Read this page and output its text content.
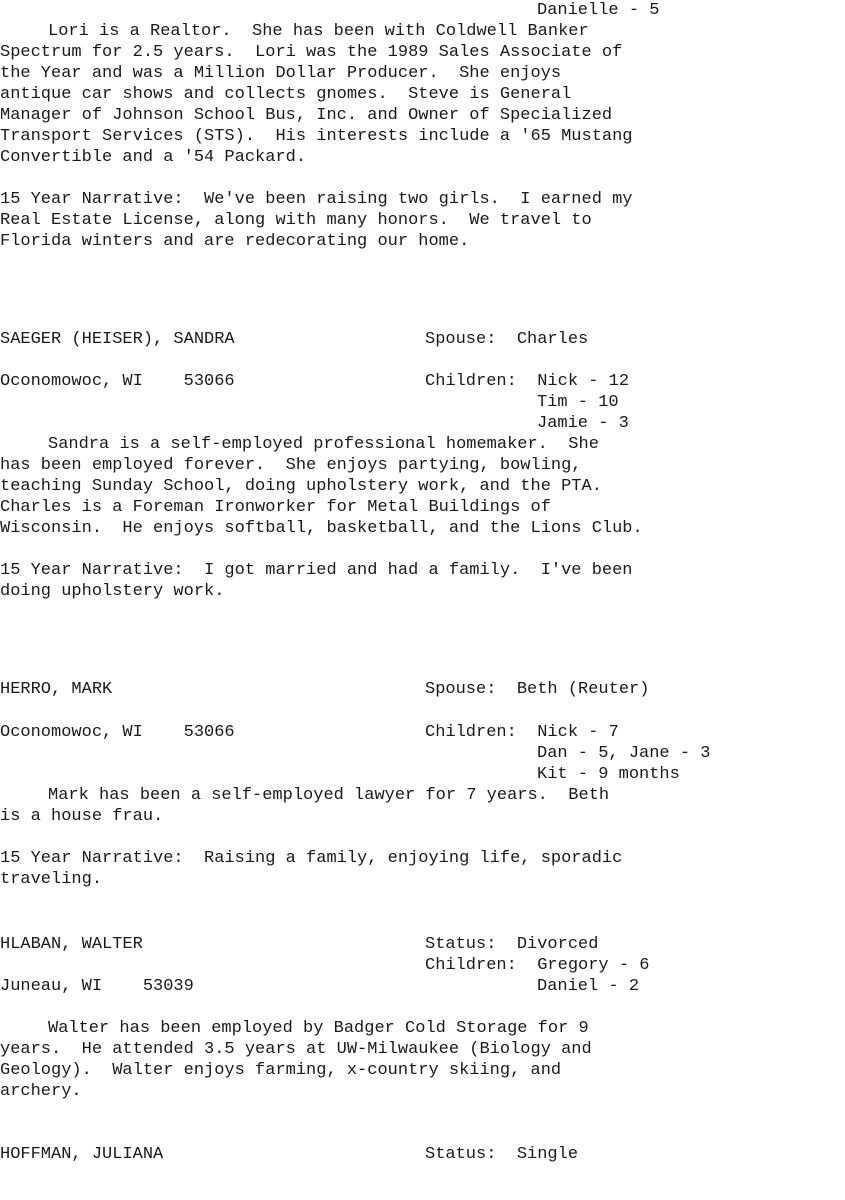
Danielle - 5
Lori is a Realtor.  She has been with Coldwell Banker
Spectrum for 2.5 years.  Lori was the 1989 Sales Associate of
the Year and was a Million Dollar Producer.  She enjoys
antique car shows and collects gnomes.  Steve is General
Manager of Johnson School Bus, Inc. and Owner of Specialized
Transport Services (STS).  His interests include a '65 Mustang
Convertible and a '54 Packard.
15 Year Narrative:  We've been raising two girls.  I earned my
Real Estate License, along with many honors.  We travel to
Florida winters and are redecorating our home.
SAEGER (HEISER), SANDRA	Spouse:  Charles
Oconomowoc, WI    53066	Children:  Nick - 12
Tim - 10
Jamie - 3
Sandra is a self-employed professional homemaker.  She
has been employed forever.  She enjoys partying, bowling,
teaching Sunday School, doing upholstery work, and the PTA.
Charles is a Foreman Ironworker for Metal Buildings of
Wisconsin.  He enjoys softball, basketball, and the Lions Club.
15 Year Narrative:  I got married and had a family.  I've been
doing upholstery work.
HERRO, MARK	Spouse:  Beth (Reuter)
Oconomowoc, WI    53066	Children:  Nick - 7
Dan - 5, Jane - 3
Kit - 9 months
Mark has been a self-employed lawyer for 7 years.  Beth
is a house frau.
15 Year Narrative:  Raising a family, enjoying life, sporadic
traveling.
HLABAN, WALTER	Status:  Divorced
Children:  Gregory - 6
Juneau, WI    53039	Daniel - 2
Walter has been employed by Badger Cold Storage for 9
years.  He attended 3.5 years at UW-Milwaukee (Biology and
Geology).  Walter enjoys farming, x-country skiing, and
archery.
HOFFMAN, JULIANA	Status:  Single
